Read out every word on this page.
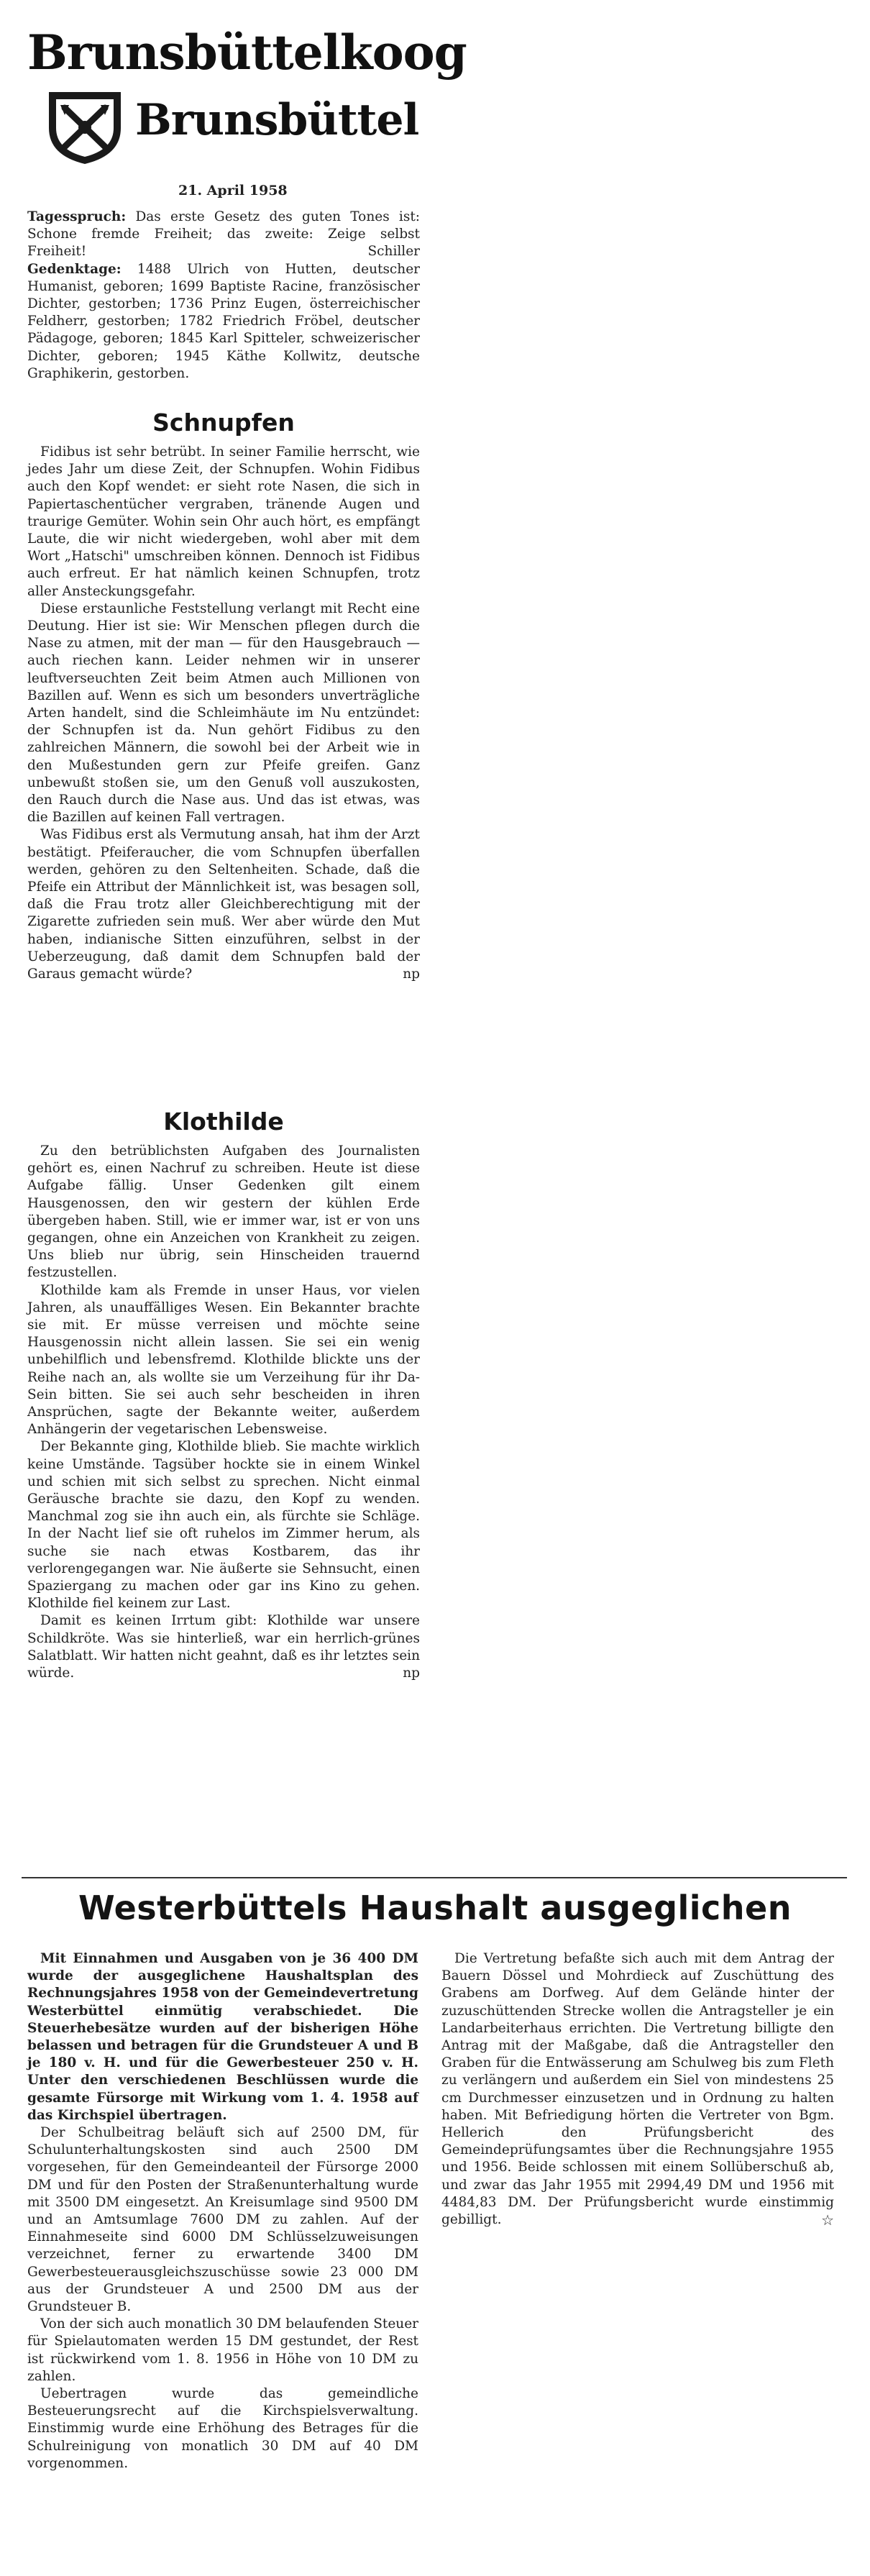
Brunsbüttelkoog
Brunsbüttel
21. April 1958

Tagesspruch: Das erste Gesetz des guten Tones ist: Schone fremde Freiheit; das zweite: Zeige selbst Freiheit!	Schiller

Gedenktage: 1488 Ulrich von Hutten, deutscher Humanist, geboren; 1699 Baptiste Racine, französischer Dichter, gestorben; 1736 Prinz Eugen, österreichischer Feldherr, gestorben; 1782 Friedrich Fröbel, deutscher Pädagoge, geboren; 1845 Karl Spitteler, schweizerischer Dichter, geboren; 1945 Käthe Kollwitz, deutsche Graphikerin, gestorben.

Schnupfen

Fidibus ist sehr betrübt. In seiner Familie herrscht, wie jedes Jahr um diese Zeit, der Schnupfen. Wohin Fidibus auch den Kopf wendet: er sieht rote Nasen, die sich in Papiertaschentücher vergraben, tränende Augen und traurige Gemüter. Wohin sein Ohr auch hört, es empfängt Laute, die wir nicht wiedergeben, wohl aber mit dem Wort „Hatschi" umschreiben können. Dennoch ist Fidibus auch erfreut. Er hat nämlich keinen Schnupfen, trotz aller Ansteckungsgefahr.

Diese erstaunliche Feststellung verlangt mit Recht eine Deutung. Hier ist sie: Wir Menschen pflegen durch die Nase zu atmen, mit der man — für den Hausgebrauch — auch riechen kann. Leider nehmen wir in unserer leuftverseuchten Zeit beim Atmen auch Millionen von Bazillen auf. Wenn es sich um besonders unverträgliche Arten handelt, sind die Schleimhäute im Nu entzündet: der Schnupfen ist da. Nun gehört Fidibus zu den zahlreichen Männern, die sowohl bei der Arbeit wie in den Mußestunden gern zur Pfeife greifen. Ganz unbewußt stoßen sie, um den Genuß voll auszukosten, den Rauch durch die Nase aus. Und das ist etwas, was die Bazillen auf keinen Fall vertragen.

Was Fidibus erst als Vermutung ansah, hat ihm der Arzt bestätigt. Pfeiferaucher, die vom Schnupfen überfallen werden, gehören zu den Seltenheiten. Schade, daß die Pfeife ein Attribut der Männlichkeit ist, was besagen soll, daß die Frau trotz aller Gleichberechtigung mit der Zigarette zufrieden sein muß. Wer aber würde den Mut haben, indianische Sitten einzuführen, selbst in der Ueberzeugung, daß damit dem Schnupfen bald der Garaus gemacht würde?	np

Klothilde

Zu den betrüblichsten Aufgaben des Journalisten gehört es, einen Nachruf zu schreiben. Heute ist diese Aufgabe fällig. Unser Gedenken gilt einem Hausgenossen, den wir gestern der kühlen Erde übergeben haben. Still, wie er immer war, ist er von uns gegangen, ohne ein Anzeichen von Krankheit zu zeigen. Uns blieb nur übrig, sein Hinscheiden trauernd festzustellen.

Klothilde kam als Fremde in unser Haus, vor vielen Jahren, als unauffälliges Wesen. Ein Bekannter brachte sie mit. Er müsse verreisen und möchte seine Hausgenossin nicht allein lassen. Sie sei ein wenig unbehilflich und lebensfremd. Klothilde blickte uns der Reihe nach an, als wollte sie um Verzeihung für ihr Da-Sein bitten. Sie sei auch sehr bescheiden in ihren Ansprüchen, sagte der Bekannte weiter, außerdem Anhängerin der vegetarischen Lebensweise.

Der Bekannte ging, Klothilde blieb. Sie machte wirklich keine Umstände. Tagsüber hockte sie in einem Winkel und schien mit sich selbst zu sprechen. Nicht einmal Geräusche brachte sie dazu, den Kopf zu wenden. Manchmal zog sie ihn auch ein, als fürchte sie Schläge. In der Nacht lief sie oft ruhelos im Zimmer herum, als suche sie nach etwas Kostbarem, das ihr verlorengegangen war. Nie äußerte sie Sehnsucht, einen Spaziergang zu machen oder gar ins Kino zu gehen. Klothilde fiel keinem zur Last.

Damit es keinen Irrtum gibt: Klothilde war unsere Schildkröte. Was sie hinterließ, war ein herrlich-grünes Salatblatt. Wir hatten nicht geahnt, daß es ihr letztes sein würde.	np

Westerbüttels Haushalt ausgeglichen

Mit Einnahmen und Ausgaben von je 36 400 DM wurde der ausgeglichene Haushaltsplan des Rechnungsjahres 1958 von der Gemeindevertretung Westerbüttel einmütig verabschiedet. Die Steuerhebesätze wurden auf der bisherigen Höhe belassen und betragen für die Grundsteuer A und B je 180 v. H. und für die Gewerbesteuer 250 v. H. Unter den verschiedenen Beschlüssen wurde die gesamte Fürsorge mit Wirkung vom 1. 4. 1958 auf das Kirchspiel übertragen.

Der Schulbeitrag beläuft sich auf 2500 DM, für Schulunterhaltungskosten sind auch 2500 DM vorgesehen, für den Gemeindeanteil der Fürsorge 2000 DM und für den Posten der Straßenunterhaltung wurde mit 3500 DM eingesetzt. An Kreisumlage sind 9500 DM und an Amtsumlage 7600 DM zu zahlen. Auf der Einnahmeseite sind 6000 DM Schlüsselzuweisungen verzeichnet, ferner zu erwartende 3400 DM Gewerbesteuerausgleichszuschüsse sowie 23 000 DM aus der Grundsteuer A und 2500 DM aus der Grundsteuer B.

Von der sich auch monatlich 30 DM belaufenden Steuer für Spielautomaten werden 15 DM gestundet, der Rest ist rückwirkend vom 1. 8. 1956 in Höhe von 10 DM zu zahlen.

Uebertragen wurde das gemeindliche Besteuerungsrecht auf die Kirchspielsverwaltung. Einstimmig wurde eine Erhöhung des Betrages für die Schulreinigung von monatlich 30 DM auf 40 DM vorgenommen.

Die Vertretung befaßte sich auch mit dem Antrag der Bauern Dössel und Mohrdieck auf Zuschüttung des Grabens am Dorfweg. Auf dem Gelände hinter der zuzuschüttenden Strecke wollen die Antragsteller je ein Landarbeiterhaus errichten. Die Vertretung billigte den Antrag mit der Maßgabe, daß die Antragsteller den Graben für die Entwässerung am Schulweg bis zum Fleth zu verlängern und außerdem ein Siel von mindestens 25 cm Durchmesser einzusetzen und in Ordnung zu halten haben. Mit Befriedigung hörten die Vertreter von Bgm. Hellerich den Prüfungsbericht des Gemeindeprüfungsamtes über die Rechnungsjahre 1955 und 1956. Beide schlossen mit einem Sollüberschuß ab, und zwar das Jahr 1955 mit 2994,49 DM und 1956 mit 4484,83 DM. Der Prüfungsbericht wurde einstimmig gebilligt.	☆
